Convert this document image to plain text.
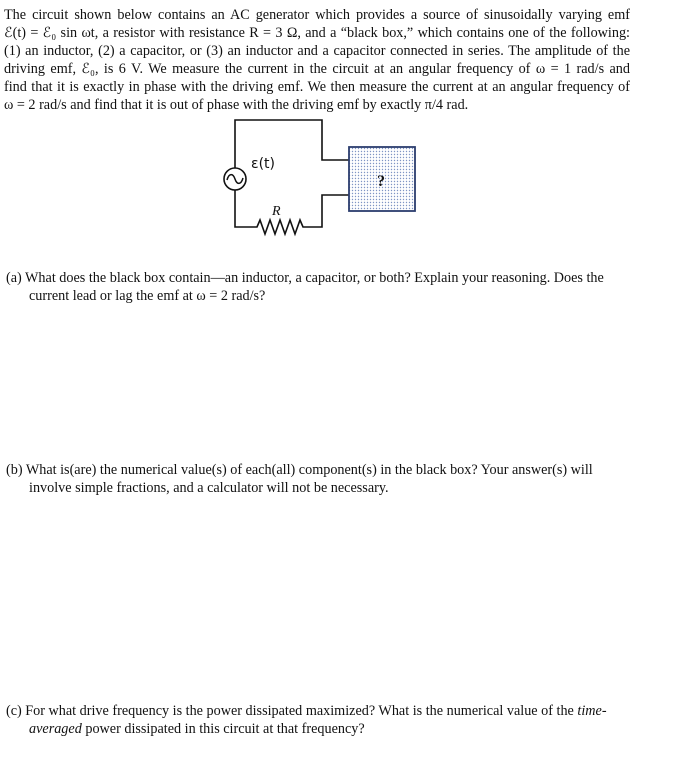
The circuit shown below contains an AC generator which provides a source of sinusoidally varying emf
ℰ(t) = ℰ₀ sin ωt, a resistor with resistance R = 3 Ω, and a “black box,” which contains one of the following:
(1) an inductor, (2) a capacitor, or (3) an inductor and a capacitor connected in series. The amplitude of the
driving emf, ℰ₀, is 6 V. We measure the current in the circuit at an angular frequency of ω = 1 rad/s and
find that it is exactly in phase with the driving emf. We then measure the current at an angular frequency of
ω = 2 rad/s and find that it is out of phase with the driving emf by exactly π/4 rad.
ε(t)
R
?
(a) What does the black box contain—an inductor, a capacitor, or both? Explain your reasoning. Does the
current lead or lag the emf at ω = 2 rad/s?
(b) What is(are) the numerical value(s) of each(all) component(s) in the black box? Your answer(s) will
involve simple fractions, and a calculator will not be necessary.
(c) For what drive frequency is the power dissipated maximized? What is the numerical value of the time-
averaged power dissipated in this circuit at that frequency?
